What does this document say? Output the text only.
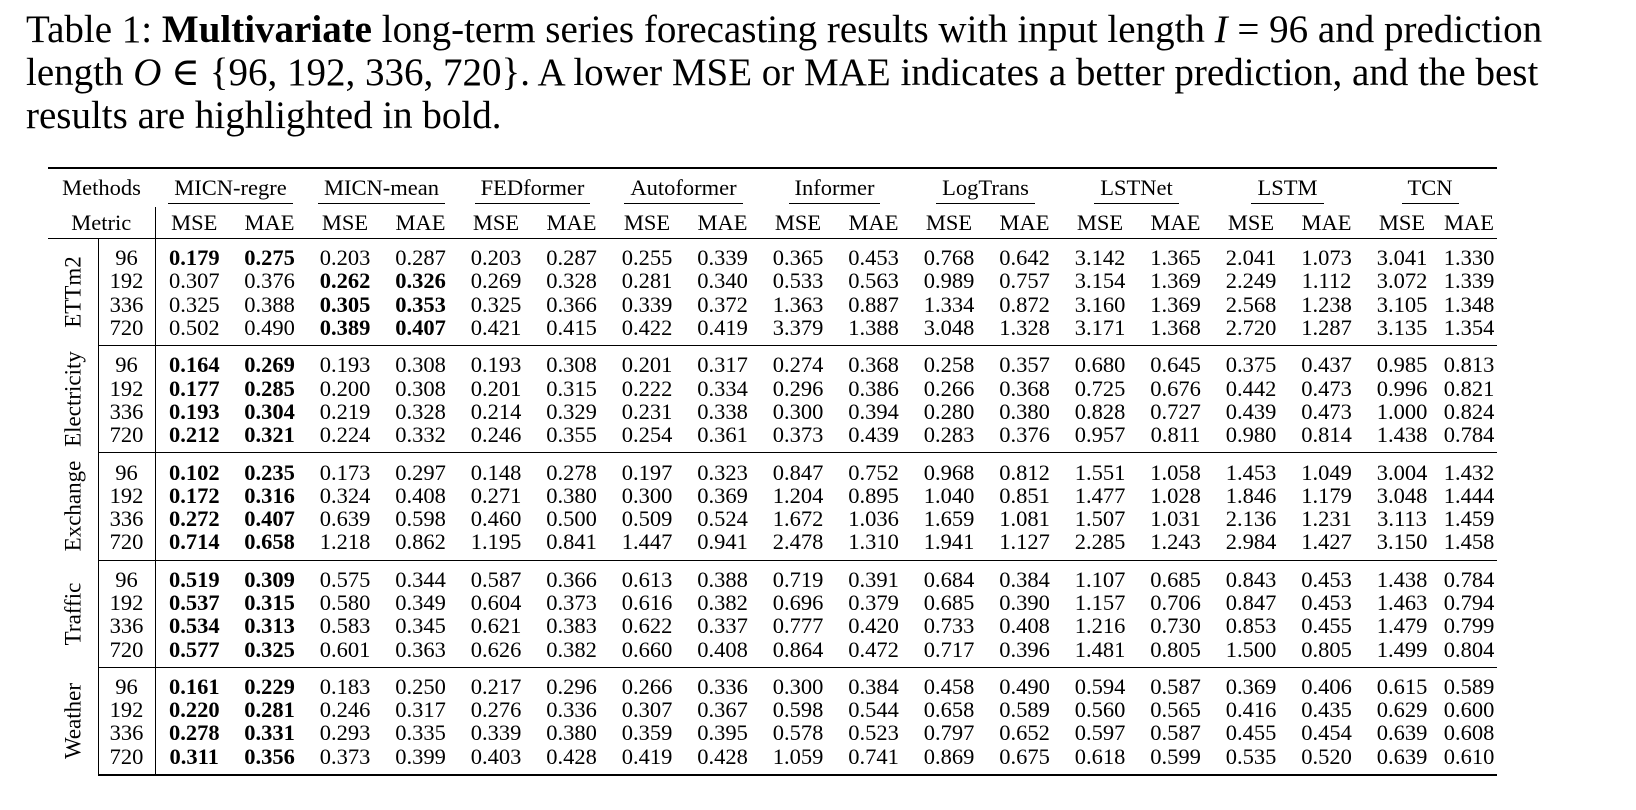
Table 1: Multivariate long-term series forecasting results with input length I = 96 and prediction length O ∈ {96, 192, 336, 720}. A lower MSE or MAE indicates a better prediction, and the best results are highlighted in bold.

Methods		MICN-regre		MICN-mean		FEDformer		Autoformer		Informer		LogTrans		LSTNet		LSTM		TCN	
Metric		MSE	MAE	MSE	MAE	MSE	MAE	MSE	MAE	MSE	MAE	MSE	MAE	MSE	MAE	MSE	MAE	MSE	MAE

ETTm2	96	0.179	0.275	0.203	0.287	0.203	0.287	0.255	0.339	0.365	0.453	0.768	0.642	3.142	1.365	2.041	1.073	3.041	1.330
	192	0.307	0.376	0.262	0.326	0.269	0.328	0.281	0.340	0.533	0.563	0.989	0.757	3.154	1.369	2.249	1.112	3.072	1.339
	336	0.325	0.388	0.305	0.353	0.325	0.366	0.339	0.372	1.363	0.887	1.334	0.872	3.160	1.369	2.568	1.238	3.105	1.348
	720	0.502	0.490	0.389	0.407	0.421	0.415	0.422	0.419	3.379	1.388	3.048	1.328	3.171	1.368	2.720	1.287	3.135	1.354

Electricity	96	0.164	0.269	0.193	0.308	0.193	0.308	0.201	0.317	0.274	0.368	0.258	0.357	0.680	0.645	0.375	0.437	0.985	0.813
	192	0.177	0.285	0.200	0.308	0.201	0.315	0.222	0.334	0.296	0.386	0.266	0.368	0.725	0.676	0.442	0.473	0.996	0.821
	336	0.193	0.304	0.219	0.328	0.214	0.329	0.231	0.338	0.300	0.394	0.280	0.380	0.828	0.727	0.439	0.473	1.000	0.824
	720	0.212	0.321	0.224	0.332	0.246	0.355	0.254	0.361	0.373	0.439	0.283	0.376	0.957	0.811	0.980	0.814	1.438	0.784

Exchange	96	0.102	0.235	0.173	0.297	0.148	0.278	0.197	0.323	0.847	0.752	0.968	0.812	1.551	1.058	1.453	1.049	3.004	1.432
	192	0.172	0.316	0.324	0.408	0.271	0.380	0.300	0.369	1.204	0.895	1.040	0.851	1.477	1.028	1.846	1.179	3.048	1.444
	336	0.272	0.407	0.639	0.598	0.460	0.500	0.509	0.524	1.672	1.036	1.659	1.081	1.507	1.031	2.136	1.231	3.113	1.459
	720	0.714	0.658	1.218	0.862	1.195	0.841	1.447	0.941	2.478	1.310	1.941	1.127	2.285	1.243	2.984	1.427	3.150	1.458

Traffic	96	0.519	0.309	0.575	0.344	0.587	0.366	0.613	0.388	0.719	0.391	0.684	0.384	1.107	0.685	0.843	0.453	1.438	0.784
	192	0.537	0.315	0.580	0.349	0.604	0.373	0.616	0.382	0.696	0.379	0.685	0.390	1.157	0.706	0.847	0.453	1.463	0.794
	336	0.534	0.313	0.583	0.345	0.621	0.383	0.622	0.337	0.777	0.420	0.733	0.408	1.216	0.730	0.853	0.455	1.479	0.799
	720	0.577	0.325	0.601	0.363	0.626	0.382	0.660	0.408	0.864	0.472	0.717	0.396	1.481	0.805	1.500	0.805	1.499	0.804

Weather	96	0.161	0.229	0.183	0.250	0.217	0.296	0.266	0.336	0.300	0.384	0.458	0.490	0.594	0.587	0.369	0.406	0.615	0.589
	192	0.220	0.281	0.246	0.317	0.276	0.336	0.307	0.367	0.598	0.544	0.658	0.589	0.560	0.565	0.416	0.435	0.629	0.600
	336	0.278	0.331	0.293	0.335	0.339	0.380	0.359	0.395	0.578	0.523	0.797	0.652	0.597	0.587	0.455	0.454	0.639	0.608
	720	0.311	0.356	0.373	0.399	0.403	0.428	0.419	0.428	1.059	0.741	0.869	0.675	0.618	0.599	0.535	0.520	0.639	0.610
